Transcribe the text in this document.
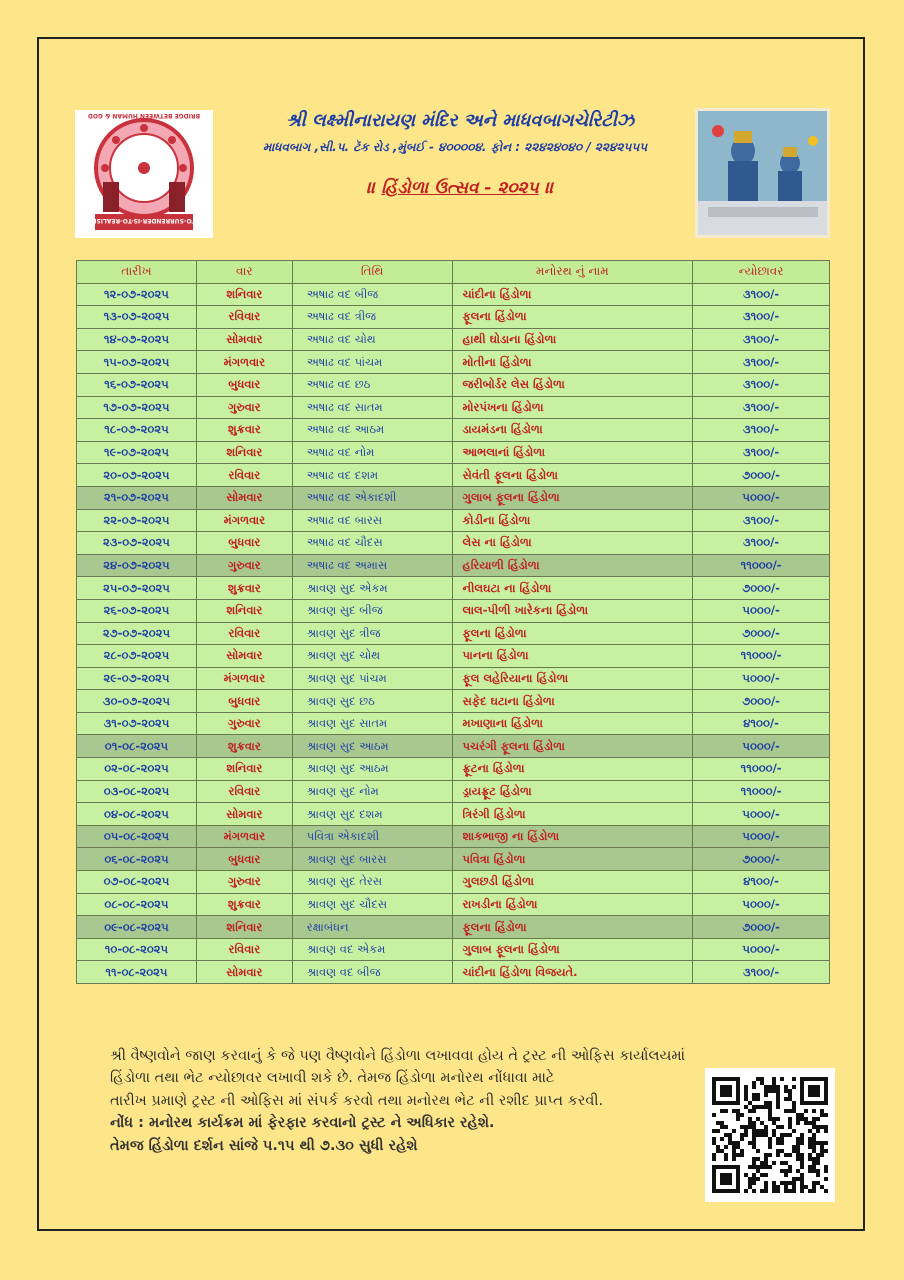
TO-SURRENDER-IS-TO-REALISE
BRIDGE BETWEEN HUMAN & GOD	શ્રી લક્ષ્મીનારાયણ મંદિર અને માધવબાગચેરિટીઝ
માધવબાગ ,સી.પ. ટૅક રોડ ,મુંબઈ - ૪૦૦૦૦૪. ફોન : ૨૨૪૨૪૦૪૦ / ૨૨૪૨૫૫૫
॥ હિંડોળા ઉત્સવ - ૨૦૨૫ ॥
તારીખ	વાર	તિથિ	મનોરથ નું નામ	ન્યોછાવર
૧૨-૦૭-૨૦૨૫	શનિવાર	અષાઢ વદ બીજ	ચાંદીના હિંડોળા	૩૧૦૦/-
૧૩-૦૭-૨૦૨૫	રવિવાર	અષાઢ વદ ત્રીજ	ફૂલના હિંડોળા	૩૧૦૦/-
૧૪-૦૭-૨૦૨૫	સોમવાર	અષાઢ વદ ચોથ	હાથી ઘોડાના હિંડોળા	૩૧૦૦/-
૧૫-૦૭-૨૦૨૫	મંગળવાર	અષાઢ વદ પાંચમ	મોતીના હિંડોળા	૩૧૦૦/-
૧૬-૦૭-૨૦૨૫	બુધવાર	અષાઢ વદ છઠ	જરીબોર્ડર લેસ હિંડોળા	૩૧૦૦/-
૧૭-૦૭-૨૦૨૫	ગુરુવાર	અષાઢ વદ સાતમ	મોરપંખના હિંડોળા	૩૧૦૦/-
૧૮-૦૭-૨૦૨૫	શુક્રવાર	અષાઢ વદ આઠમ	ડાયમંડના હિંડોળા	૩૧૦૦/-
૧૯-૦૭-૨૦૨૫	શનિવાર	અષાઢ વદ નોમ	આભલાનાં હિંડોળા	૩૧૦૦/-
૨૦-૦૭-૨૦૨૫	રવિવાર	અષાઢ વદ દશમ	સેવંતી ફૂલના હિંડોળા	૭૦૦૦/-
૨૧-૦૭-૨૦૨૫	સોમવાર	અષાઢ વદ એકાદશી	ગુલાબ ફૂલના હિંડોળા	૫૦૦૦/-
૨૨-૦૭-૨૦૨૫	મંગળવાર	અષાઢ વદ બારસ	કોડીના હિંડોળા	૩૧૦૦/-
૨૩-૦૭-૨૦૨૫	બુધવાર	અષાઢ વદ ચૌદસ	લેસ ના હિંડોળા	૩૧૦૦/-
૨૪-૦૭-૨૦૨૫	ગુરુવાર	અષાઢ વદ અમાસ	હરિયાળી હિંડોળા	૧૧૦૦૦/-
૨૫-૦૭-૨૦૨૫	શુક્રવાર	શ્રાવણ સુદ એકમ	નીલઘટા ના હિંડોળા	૭૦૦૦/-
૨૬-૦૭-૨૦૨૫	શનિવાર	શ્રાવણ સુદ બીજ	લાલ-પીળી ખારેકના હિંડોળા	૫૦૦૦/-
૨૭-૦૭-૨૦૨૫	રવિવાર	શ્રાવણ સુદ ત્રીજ	ફૂલના હિંડોળા	૭૦૦૦/-
૨૮-૦૭-૨૦૨૫	સોમવાર	શ્રાવણ સુદ ચોથ	પાનના હિંડોળા	૧૧૦૦૦/-
૨૯-૦૭-૨૦૨૫	મંગળવાર	શ્રાવણ સુદ પાંચમ	ફૂલ લહેરિયાના હિંડોળા	૫૦૦૦/-
૩૦-૦૭-૨૦૨૫	બુધવાર	શ્રાવણ સુદ છઠ	સફેદ ઘટાના હિંડોળા	૭૦૦૦/-
૩૧-૦૭-૨૦૨૫	ગુરુવાર	શ્રાવણ સુદ સાતમ	મખાણાના હિંડોળા	૪૧૦૦/-
૦૧-૦૮-૨૦૨૫	શુક્રવાર	શ્રાવણ સુદ આઠમ	પચરંગી ફૂલના હિંડોળા	૫૦૦૦/-
૦૨-૦૮-૨૦૨૫	શનિવાર	શ્રાવણ સુદ આઠમ	ફ્રૂટના હિંડોળા	૧૧૦૦૦/-
૦૩-૦૮-૨૦૨૫	રવિવાર	શ્રાવણ સુદ નોમ	ડ્રાયફ્રૂટ હિંડોળા	૧૧૦૦૦/-
૦૪-૦૮-૨૦૨૫	સોમવાર	શ્રાવણ સુદ દશમ	ત્રિરંગી હિંડોળા	૫૦૦૦/-
૦૫-૦૮-૨૦૨૫	મંગળવાર	પવિત્રા એકાદશી	શાકભાજી ના હિંડોળા	૫૦૦૦/-
૦૬-૦૮-૨૦૨૫	બુધવાર	શ્રાવણ સુદ બારસ	પવિત્રા હિંડોળા	૭૦૦૦/-
૦૭-૦૮-૨૦૨૫	ગુરુવાર	શ્રાવણ સુદ તેરસ	ગુલછડી હિંડોળા	૪૧૦૦/-
૦૮-૦૮-૨૦૨૫	શુક્રવાર	શ્રાવણ સુદ ચૌદસ	રાખડીના હિંડોળા	૫૦૦૦/-
૦૯-૦૮-૨૦૨૫	શનિવાર	રક્ષાબંધન	ફૂલના હિંડોળા	૭૦૦૦/-
૧૦-૦૮-૨૦૨૫	રવિવાર	શ્રાવણ વદ એકમ	ગુલાબ ફૂલના હિંડોળા	૫૦૦૦/-
૧૧-૦૮-૨૦૨૫	સોમવાર	શ્રાવણ વદ બીજ	ચાંદીના હિંડોળા વિજયતે.	૩૧૦૦/-
શ્રી વૈષ્ણવોને જાણ કરવાનું કે જે પણ વૈષ્ણવોને હિંડોળા લખાવવા હોય તે ટ્રસ્ટ ની ઓફિસ કાર્યાલયમાં
હિંડોળા તથા ભેટ ન્યોછાવર લખાવી શકે છે. તેમજ હિંડોળા મનોરથ નોંધાવા માટે
તારીખ પ્રમાણે ટ્રસ્ટ ની ઓફિસ માં સંપર્ક કરવો તથા મનોરથ ભેટ ની રશીદ પ્રાપ્ત કરવી.
નોંધ : મનોરથ કાર્યક્રમ માં ફેરફાર કરવાનો ટ્રસ્ટ ને અધિકાર રહેશે.
તેમજ હિંડોળા દર્શન સાંજે ૫.૧૫ થી ૭.૩૦ સુધી રહેશે
